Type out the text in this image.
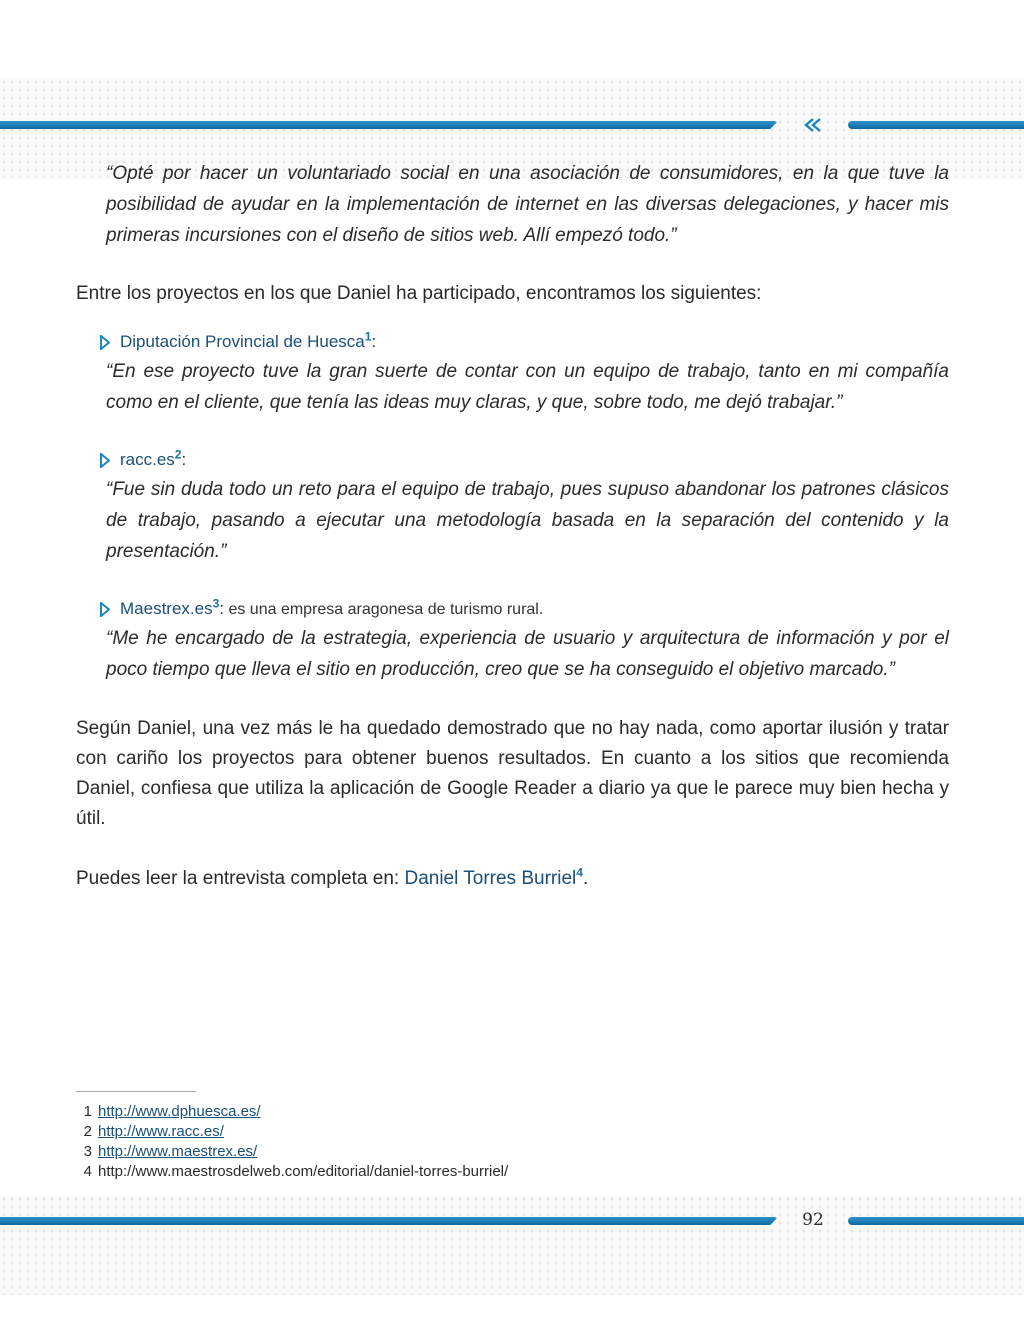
“Opté por hacer un voluntariado social en una asociación de consumidores, en la que tuve la posibilidad de ayudar en la implementación de internet en las diversas delegaciones, y hacer mis primeras incursiones con el diseño de sitios web. Allí empezó todo.”

Entre los proyectos en los que Daniel ha participado, encontramos los siguientes:

Diputación Provincial de Huesca$^1$:

“En ese proyecto tuve la gran suerte de contar con un equipo de trabajo, tanto en mi compañía como en el cliente, que tenía las ideas muy claras, y que, sobre todo, me dejó trabajar.”

$racc.es^2$:

“Fue sin duda todo un reto para el equipo de trabajo, pues supuso abandonar los patrones clásicos de trabajo, pasando a ejecutar una metodología basada en la separación del contenido y la presentación.”

$Maestrex.es^3$: es una empresa aragonesa de turismo rural.

“Me he encargado de la estrategia, experiencia de usuario y arquitectura de información y por el poco tiempo que lleva el sitio en producción, creo que se ha conseguido el objetivo marcado.”

Según Daniel, una vez más le ha quedado demostrado que no hay nada, como aportar ilusión y tratar con cariño los proyectos para obtener buenos resultados. En cuanto a los sitios que recomienda Daniel, confiesa que utiliza la aplicación de Google Reader a diario ya que le parece muy bien hecha y útil.

Puedes leer la entrevista completa en: Daniel Torres Burriel$^4$.

1 http://www.dphuesca.es/
2 http://www.racc.es/
3 http://www.maestrex.es/
4 http://www.maestrosdelweb.com/editorial/daniel-torres-burriel/
92
